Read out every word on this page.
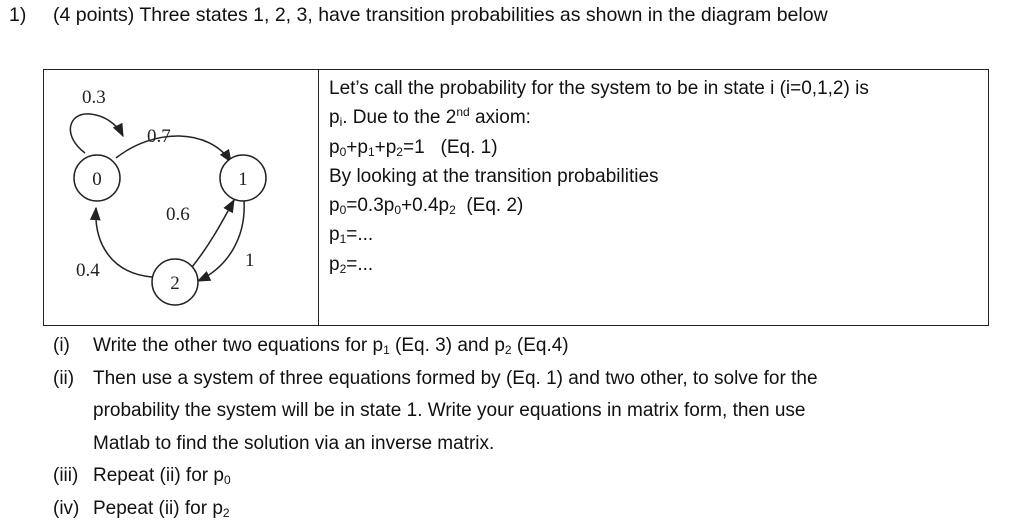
1) (4 points) Three states 1, 2, 3, have transition probabilities as shown in the diagram below
0	1
2
0.3
0.7
0.6
1
0.4
Let’s call the probability for the system to be in state i (i=0,1,2) is
$p_i$. Due to the 2nd axiom:
$p_0+p_1+p_2=1$ (Eq. 1)
By looking at the transition probabilities
$p_0=0.3p_0+0.4p_2$ (Eq. 2)
$p_1=$...
$p_2=$...
(i)	Write the other two equations for $p_1$ (Eq. 3) and $p_2$ (Eq.4)
(ii) Then use a system of three equations formed by (Eq. 1) and two other, to solve for the
probability the system will be in state 1. Write your equations in matrix form, then use
Matlab to find the solution via an inverse matrix.
(iii) Repeat (ii) for $p_0$
(iv) Pepeat (ii) for $p_2$
